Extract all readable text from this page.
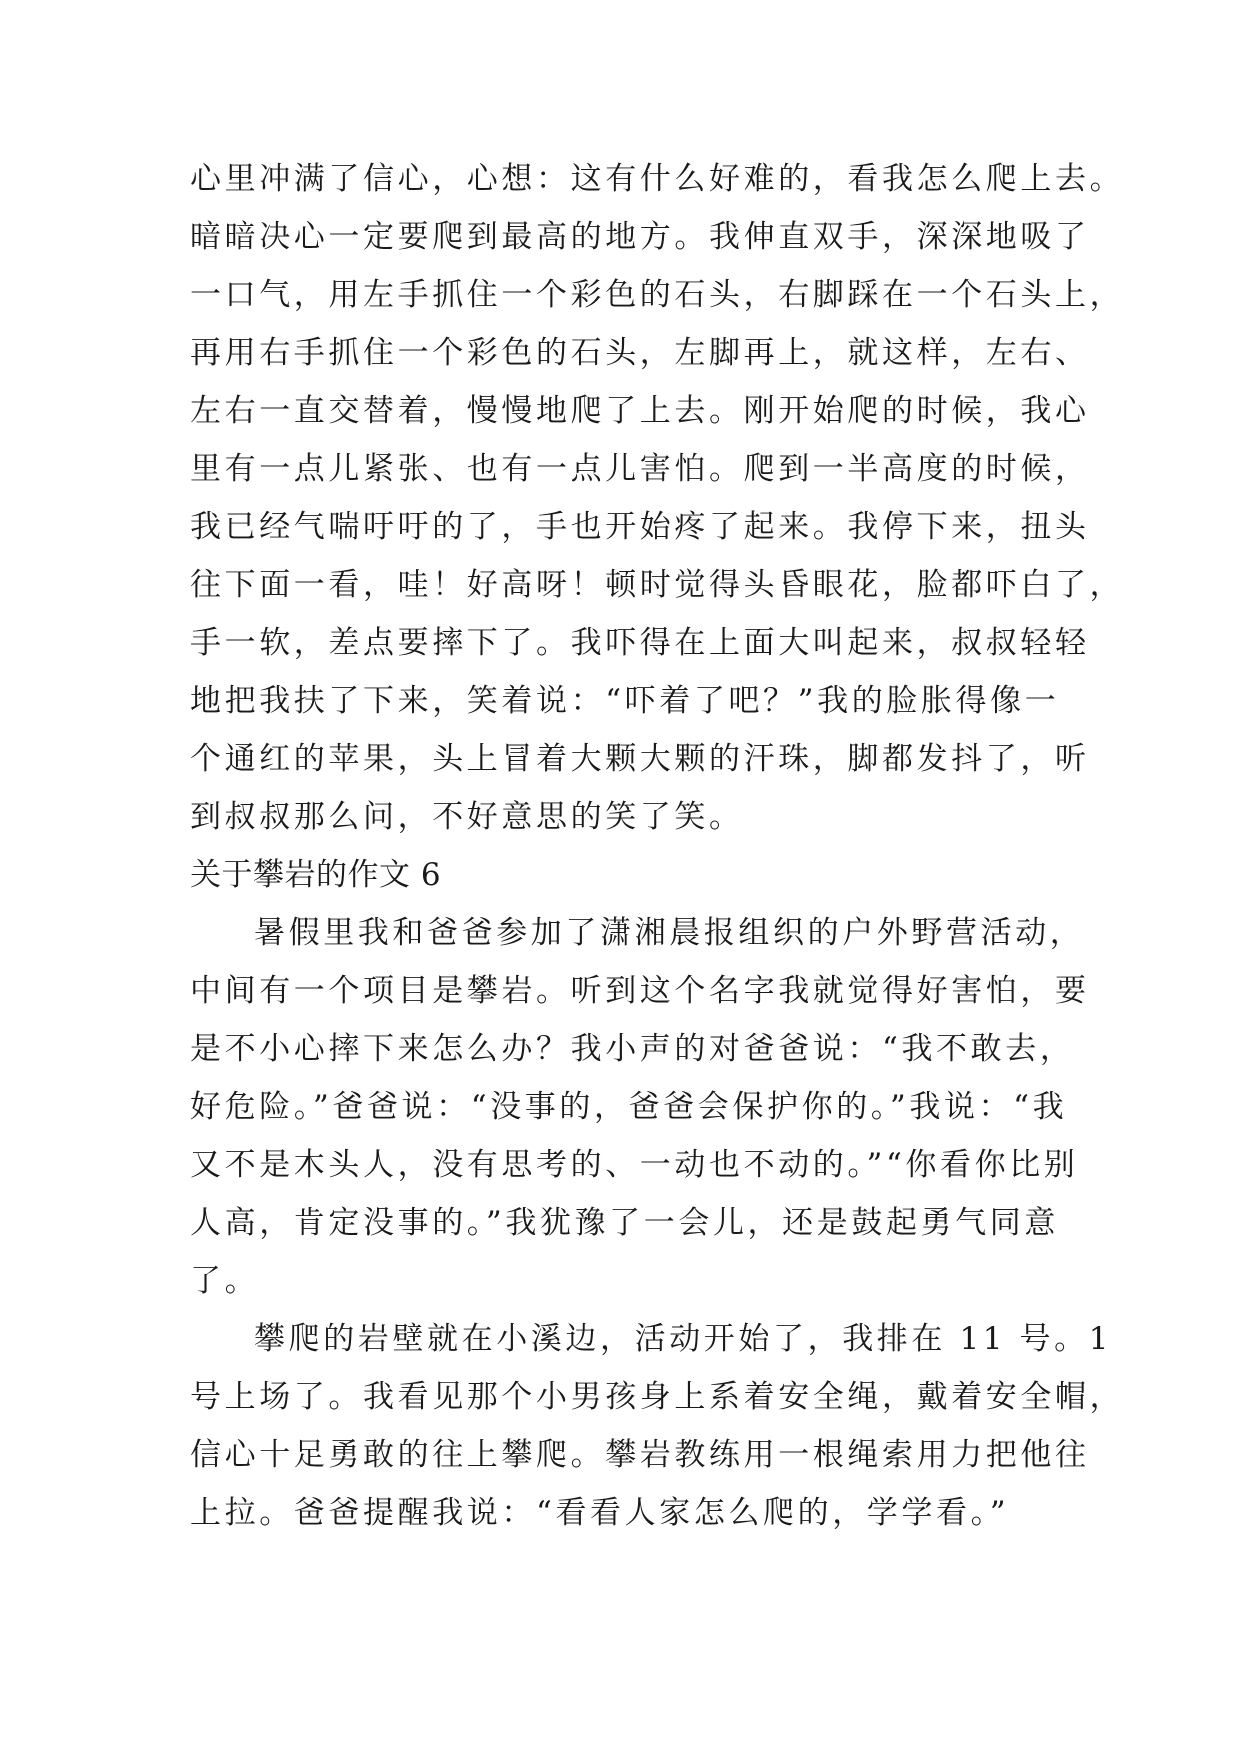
心里冲满了信心，心想：这有什么好难的，看我怎么爬上去。
暗暗决心一定要爬到最高的地方。我伸直双手，深深地吸了
一口气，用左手抓住一个彩色的石头，右脚踩在一个石头上，
再用右手抓住一个彩色的石头，左脚再上，就这样，左右、
左右一直交替着，慢慢地爬了上去。刚开始爬的时候，我心
里有一点儿紧张、也有一点儿害怕。爬到一半高度的时候，
我已经气喘吁吁的了，手也开始疼了起来。我停下来，扭头
往下面一看，哇！好高呀！顿时觉得头昏眼花，脸都吓白了，
手一软，差点要摔下了。我吓得在上面大叫起来，叔叔轻轻
地把我扶了下来，笑着说：“吓着了吧？”我的脸胀得像一
个通红的苹果，头上冒着大颗大颗的汗珠，脚都发抖了，听
到叔叔那么问，不好意思的笑了笑。
关于攀岩的作文 6
暑假里我和爸爸参加了潇湘晨报组织的户外野营活动，
中间有一个项目是攀岩。听到这个名字我就觉得好害怕，要
是不小心摔下来怎么办？我小声的对爸爸说：“我不敢去，
好危险。”爸爸说：“没事的，爸爸会保护你的。”我说：“我
又不是木头人，没有思考的、一动也不动的。”“你看你比别
人高，肯定没事的。”我犹豫了一会儿，还是鼓起勇气同意
了。
攀爬的岩壁就在小溪边，活动开始了，我排在 11 号。1
号上场了。我看见那个小男孩身上系着安全绳，戴着安全帽，
信心十足勇敢的往上攀爬。攀岩教练用一根绳索用力把他往
上拉。爸爸提醒我说：“看看人家怎么爬的，学学看。”
